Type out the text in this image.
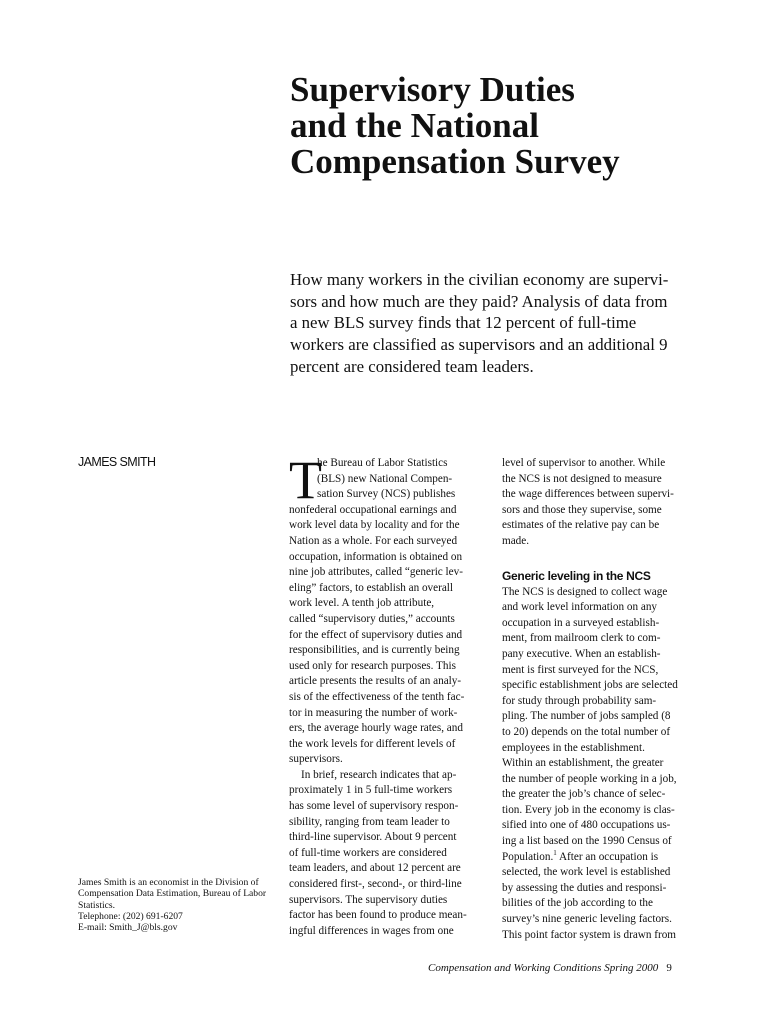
Supervisory Duties
and the National
Compensation Survey

How many workers in the civilian economy are supervi-
sors and how much are they paid? Analysis of data from
a new BLS survey finds that 12 percent of full-time
workers are classified as supervisors and an additional 9
percent are considered team leaders.

JAMES SMITH T
he Bureau of Labor Statistics
(BLS) new National Compen-
sation Survey (NCS) publishes
nonfederal occupational earnings and
work level data by locality and for the
Nation as a whole. For each surveyed
occupation, information is obtained on
nine job attributes, called “generic lev-
eling” factors, to establish an overall
work level. A tenth job attribute,
called “supervisory duties,” accounts
for the effect of supervisory duties and
responsibilities, and is currently being
used only for research purposes. This
article presents the results of an analy-
sis of the effectiveness of the tenth fac-
tor in measuring the number of work-
ers, the average hourly wage rates, and
the work levels for different levels of
supervisors.
In brief, research indicates that ap-
proximately 1 in 5 full-time workers
has some level of supervisory respon-
sibility, ranging from team leader to
third-line supervisor. About 9 percent
of full-time workers are considered
team leaders, and about 12 percent are
considered first-, second-, or third-line
supervisors. The supervisory duties
factor has been found to produce mean-
ingful differences in wages from one
level of supervisor to another. While
the NCS is not designed to measure
the wage differences between supervi-
sors and those they supervise, some
estimates of the relative pay can be
made.
Generic leveling in the NCS
The NCS is designed to collect wage
and work level information on any
occupation in a surveyed establish-
ment, from mailroom clerk to com-
pany executive. When an establish-
ment is first surveyed for the NCS,
specific establishment jobs are selected
for study through probability sam-
pling. The number of jobs sampled (8
to 20) depends on the total number of
employees in the establishment.
Within an establishment, the greater
the number of people working in a job,
the greater the job’s chance of selec-
tion. Every job in the economy is clas-
sified into one of 480 occupations us-
ing a list based on the 1990 Census of
Population.$^1$ After an occupation is
selected, the work level is established
by assessing the duties and responsi-
bilities of the job according to the
survey’s nine generic leveling factors.
This point factor system is drawn from
James Smith is an economist in the Division of
Compensation Data Estimation, Bureau of Labor
Statistics.
Telephone: (202) 691-6207
E-mail: Smith_J@bls.gov
Compensation and Working Conditions Spring 2000 9
